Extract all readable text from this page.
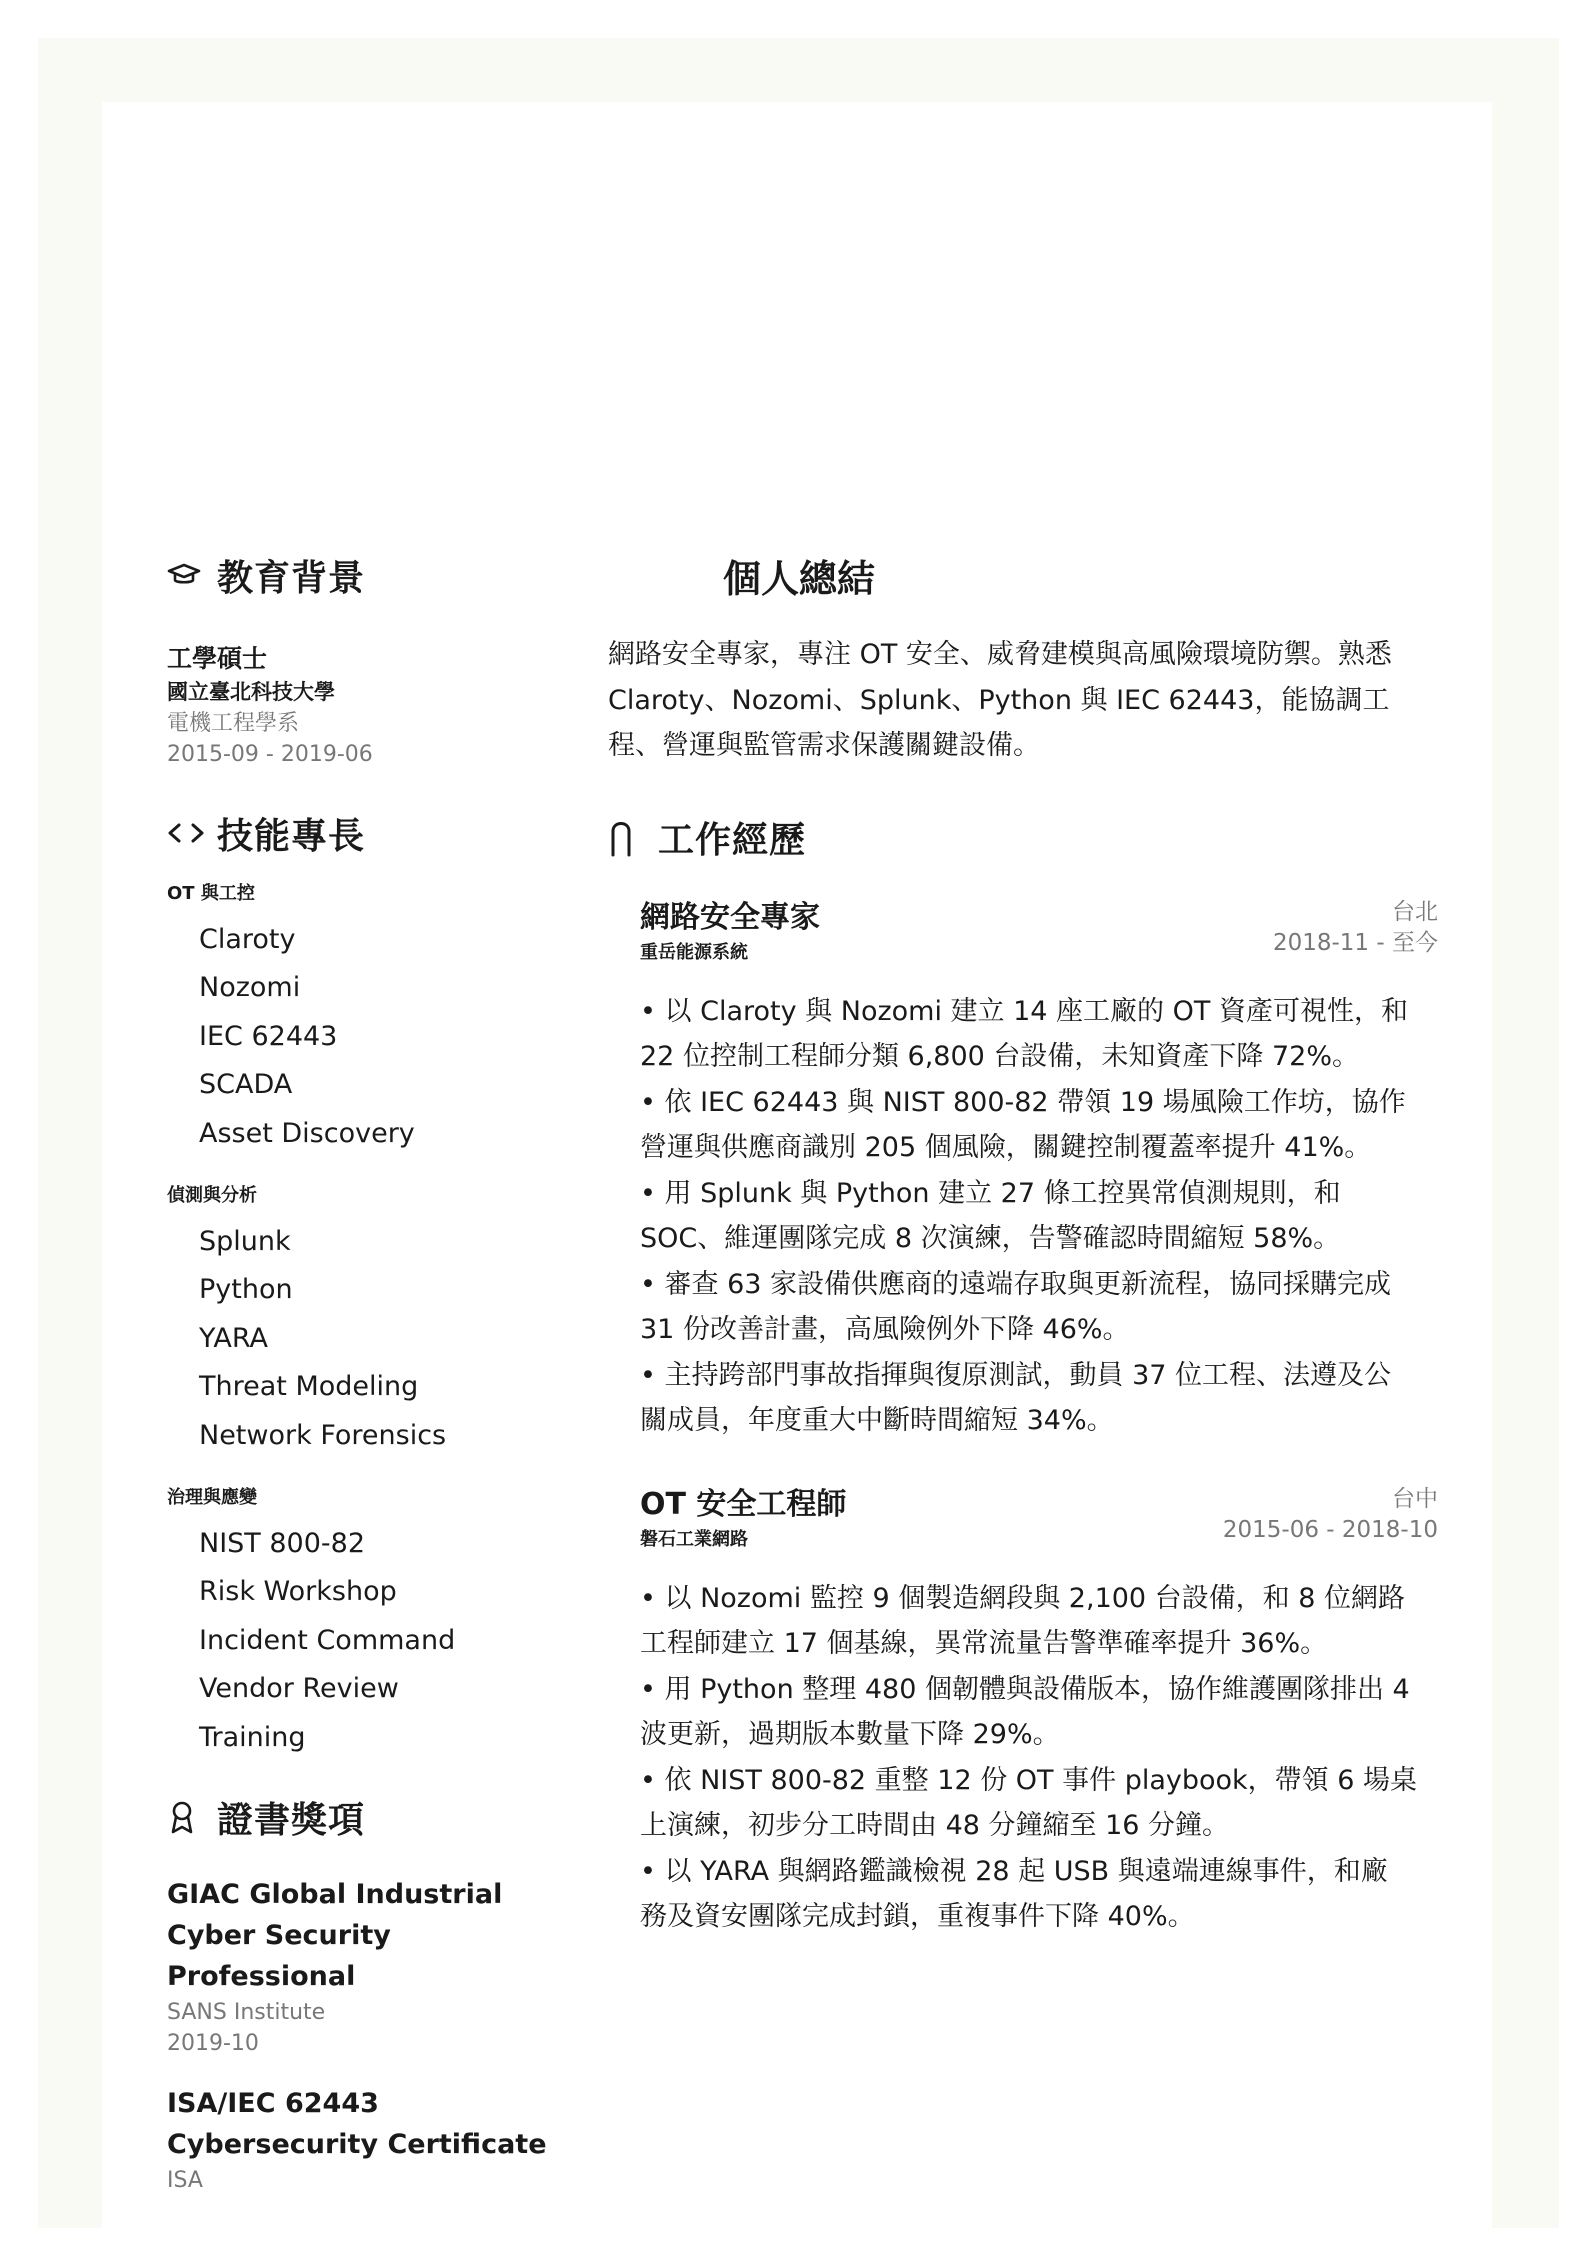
教育背景
工學碩士
國立臺北科技大學
電機工程學系
2015-09 - 2019-06
技能專長
OT 與工控
Claroty
Nozomi
IEC 62443
SCADA
Asset Discovery
偵測與分析
Splunk
Python
YARA
Threat Modeling
Network Forensics
治理與應變
NIST 800-82
Risk Workshop
Incident Command
Vendor Review
Training
證書獎項
GIAC Global Industrial
Cyber Security Professional
SANS Institute
2019-10
ISA/IEC 62443
Cybersecurity Certificate
ISA
個人總結
網路安全專家，專注 OT 安全、威脅建模與高風險環境防禦。熟悉
Claroty、Nozomi、Splunk、Python 與 IEC 62443，能協調工
程、營運與監管需求保護關鍵設備。
工作經歷
網路安全專家
重岳能源系統
台北
2018-11 - 至今
• 以 Claroty 與 Nozomi 建立 14 座工廠的 OT 資產可視性，和
22 位控制工程師分類 6,800 台設備，未知資產下降 72%。
• 依 IEC 62443 與 NIST 800-82 帶領 19 場風險工作坊，協作
營運與供應商識別 205 個風險，關鍵控制覆蓋率提升 41%。
• 用 Splunk 與 Python 建立 27 條工控異常偵測規則，和
SOC、維運團隊完成 8 次演練，告警確認時間縮短 58%。
• 審查 63 家設備供應商的遠端存取與更新流程，協同採購完成
31 份改善計畫，高風險例外下降 46%。
• 主持跨部門事故指揮與復原測試，動員 37 位工程、法遵及公
關成員，年度重大中斷時間縮短 34%。
OT 安全工程師
磐石工業網路
台中
2015-06 - 2018-10
• 以 Nozomi 監控 9 個製造網段與 2,100 台設備，和 8 位網路
工程師建立 17 個基線，異常流量告警準確率提升 36%。
• 用 Python 整理 480 個韌體與設備版本，協作維護團隊排出 4
波更新，過期版本數量下降 29%。
• 依 NIST 800-82 重整 12 份 OT 事件 playbook，帶領 6 場桌
上演練，初步分工時間由 48 分鐘縮至 16 分鐘。
• 以 YARA 與網路鑑識檢視 28 起 USB 與遠端連線事件，和廠
務及資安團隊完成封鎖，重複事件下降 40%。
